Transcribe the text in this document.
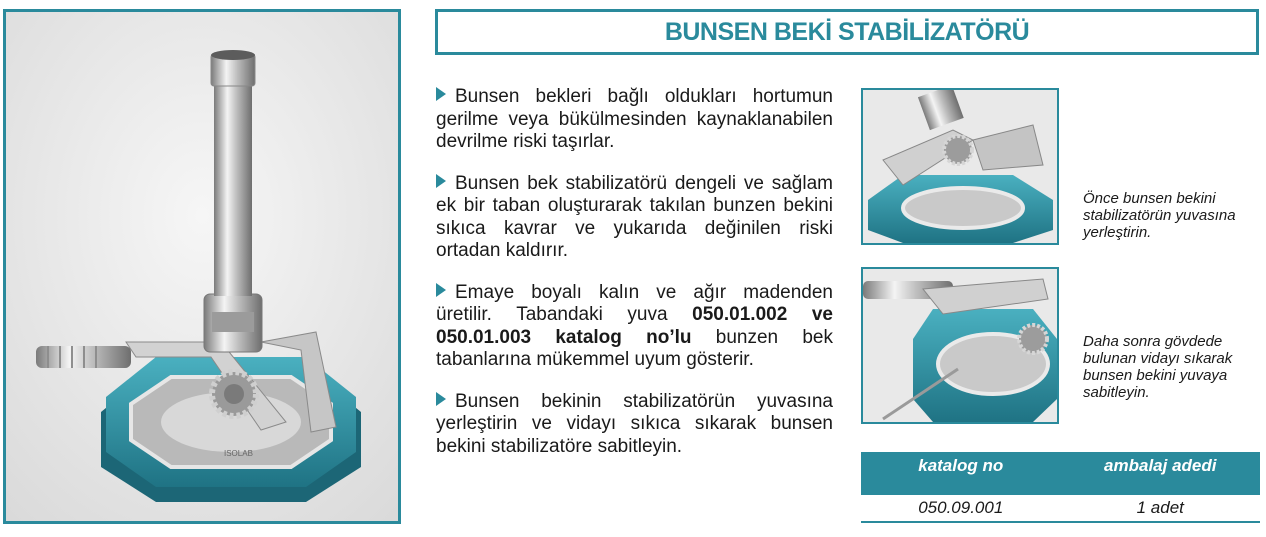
ISOLAB
BUNSEN BEKİ STABİLİZATÖRÜ

Bunsen bekleri bağlı oldukları hortumun gerilme veya bükülmesinden kaynaklanabilen devrilme riski taşırlar.

Bunsen bek stabilizatörü dengeli ve sağlam ek bir taban oluşturarak takılan bunzen bekini sıkıca kavrar ve yukarıda değinilen riski ortadan kaldırır.

Emaye boyalı kalın ve ağır madenden üretilir. Tabandaki yuva 050.01.002 ve 050.01.003 katalog no’lu bunzen bek tabanlarına mükemmel uyum gösterir.

Bunsen bekinin stabilizatörün yuvasına yerleştirin ve vidayı sıkıca sıkarak bunsen bekini stabilizatöre sabitleyin.

Önce bunsen bekini stabilizatörün yuvasına yerleştirin.
Daha sonra gövdede bulunan vidayı sıkarak bunsen bekini yuvaya sabitleyin.
katalog no	ambalaj adedi
050.09.001	1 adet
